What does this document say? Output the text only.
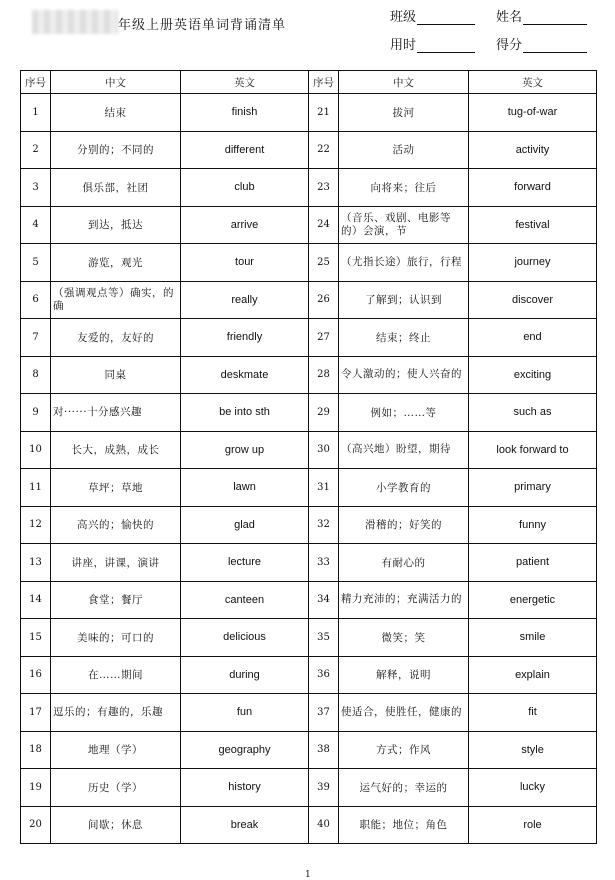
年级上册英语单词背诵清单
班级	姓名
用时	得分
序号	中文	英文	序号	中文	英文
1	结束	finish	21	拔河	tug-of-war
2	分别的；不同的	different	22	活动	activity
3	俱乐部，社团	club	23	向将来；往后	forward
4	到达，抵达	arrive	24	（音乐、戏剧、电影等的）会演，节	festival
5	游览，观光	tour	25	（尤指长途）旅行，行程	journey
6	（强调观点等）确实，的确	really	26	了解到；认识到	discover
7	友爱的，友好的	friendly	27	结束；终止	end
8	同桌	deskmate	28	令人激动的；使人兴奋的	exciting
9	对······十分感兴趣	be into sth	29	例如；……等	such as
10	长大，成熟，成长	grow up	30	（高兴地）盼望，期待	look forward to
11	草坪；草地	lawn	31	小学教育的	primary
12	高兴的；愉快的	glad	32	滑稽的；好笑的	funny
13	讲座，讲课，演讲	lecture	33	有耐心的	patient
14	食堂；餐厅	canteen	34	精力充沛的；充满活力的	energetic
15	美味的；可口的	delicious	35	微笑；笑	smile
16	在……期间	during	36	解释，说明	explain
17	逗乐的；有趣的，乐趣	fun	37	使适合，使胜任，健康的	fit
18	地理（学）	geography	38	方式；作风	style
19	历史（学）	history	39	运气好的；幸运的	lucky
20	间歇；休息	break	40	职能；地位；角色	role
1
